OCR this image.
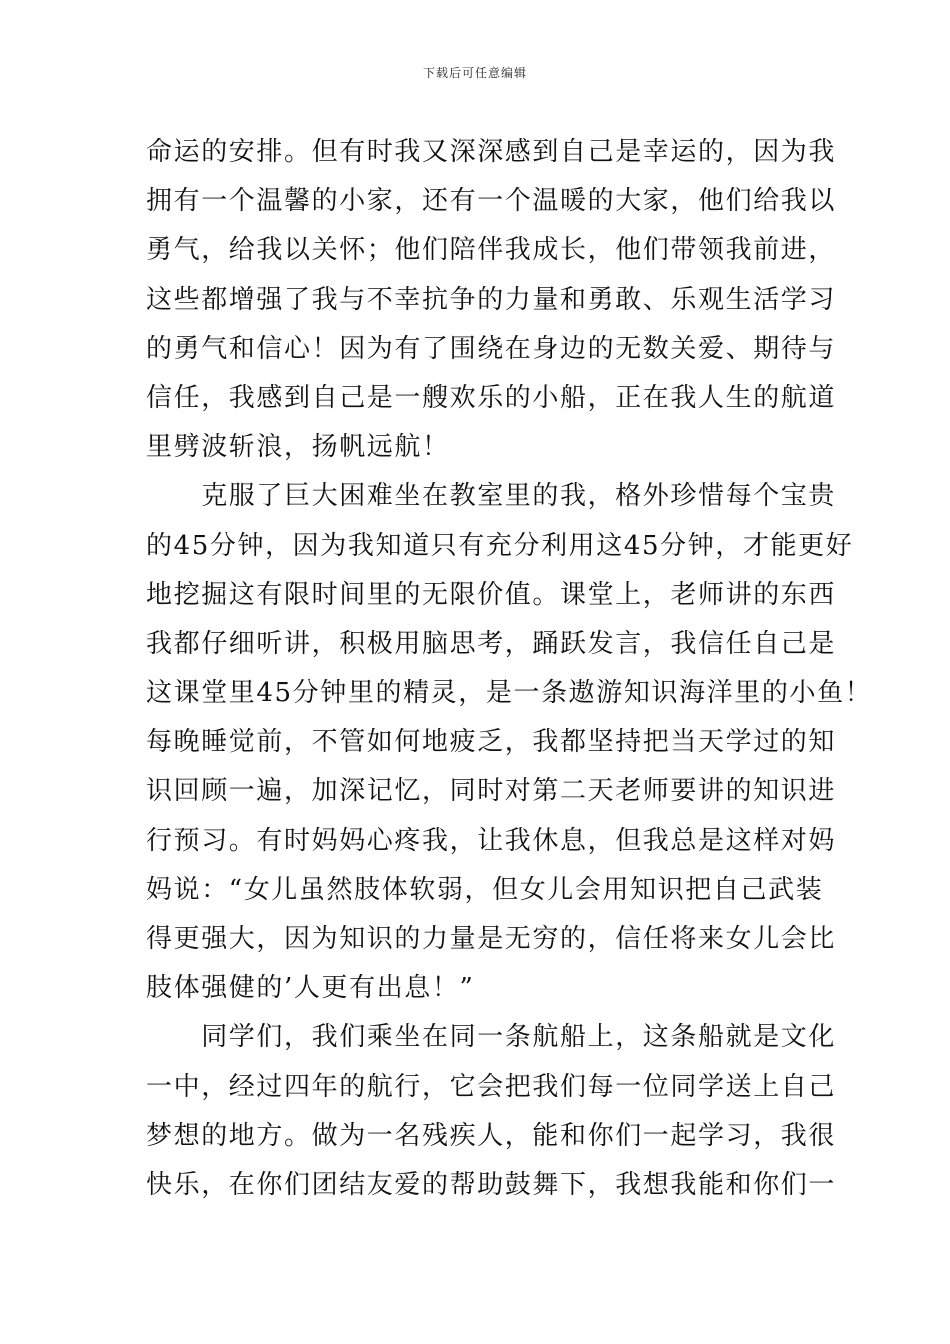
下载后可任意编辑
命运的安排。但有时我又深深感到自己是幸运的，因为我
拥有一个温馨的小家，还有一个温暖的大家，他们给我以
勇气，给我以关怀；他们陪伴我成长，他们带领我前进，
这些都增强了我与不幸抗争的力量和勇敢、乐观生活学习
的勇气和信心！因为有了围绕在身边的无数关爱、期待与
信任，我感到自己是一艘欢乐的小船，正在我人生的航道
里劈波斩浪，扬帆远航！
　　克服了巨大困难坐在教室里的我，格外珍惜每个宝贵
的45分钟，因为我知道只有充分利用这45分钟，才能更好
地挖掘这有限时间里的无限价值。课堂上，老师讲的东西
我都仔细听讲，积极用脑思考，踊跃发言，我信任自己是
这课堂里45分钟里的精灵，是一条遨游知识海洋里的小鱼！
每晚睡觉前，不管如何地疲乏，我都坚持把当天学过的知
识回顾一遍，加深记忆，同时对第二天老师要讲的知识进
行预习。有时妈妈心疼我，让我休息，但我总是这样对妈
妈说：“女儿虽然肢体软弱，但女儿会用知识把自己武装
得更强大，因为知识的力量是无穷的，信任将来女儿会比
肢体强健的’人更有出息！”
　　同学们，我们乘坐在同一条航船上，这条船就是文化
一中，经过四年的航行，它会把我们每一位同学送上自己
梦想的地方。做为一名残疾人，能和你们一起学习，我很
快乐，在你们团结友爱的帮助鼓舞下，我想我能和你们一
